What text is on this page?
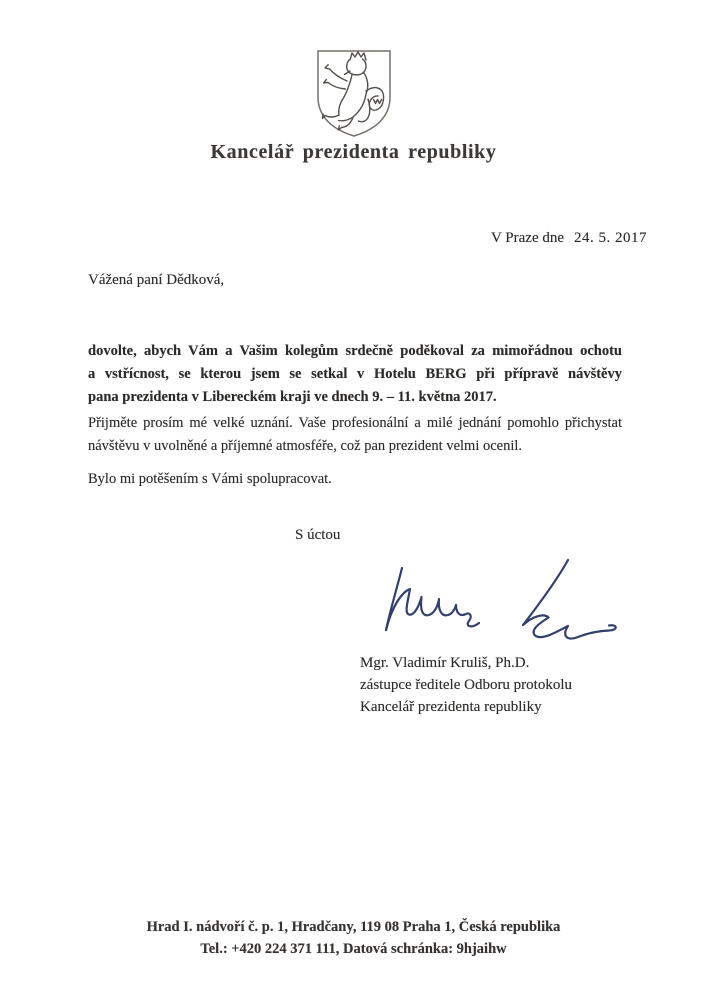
Kancelář prezidenta republiky
V Praze dne 24. 5. 2017
Vážená paní Dědková,
dovolte, abych Vám a Vašim kolegům srdečně poděkoval za mimořádnou ochotu
a vstřícnost, se kterou jsem se setkal v Hotelu BERG při přípravě návštěvy
pana prezidenta v Libereckém kraji ve dnech 9. – 11. května 2017.
Přijměte prosím mé velké uznání. Vaše profesionální a milé jednání pomohlo přichystat
návštěvu v uvolněné a příjemné atmosféře, což pan prezident velmi ocenil.
Bylo mi potěšením s Vámi spolupracovat.
S úctou
Mgr. Vladimír Kruliš, Ph.D.
zástupce ředitele Odboru protokolu
Kancelář prezidenta republiky
Hrad I. nádvoří č. p. 1, Hradčany, 119 08 Praha 1, Česká republika
Tel.: +420 224 371 111, Datová schránka: 9hjaihw
